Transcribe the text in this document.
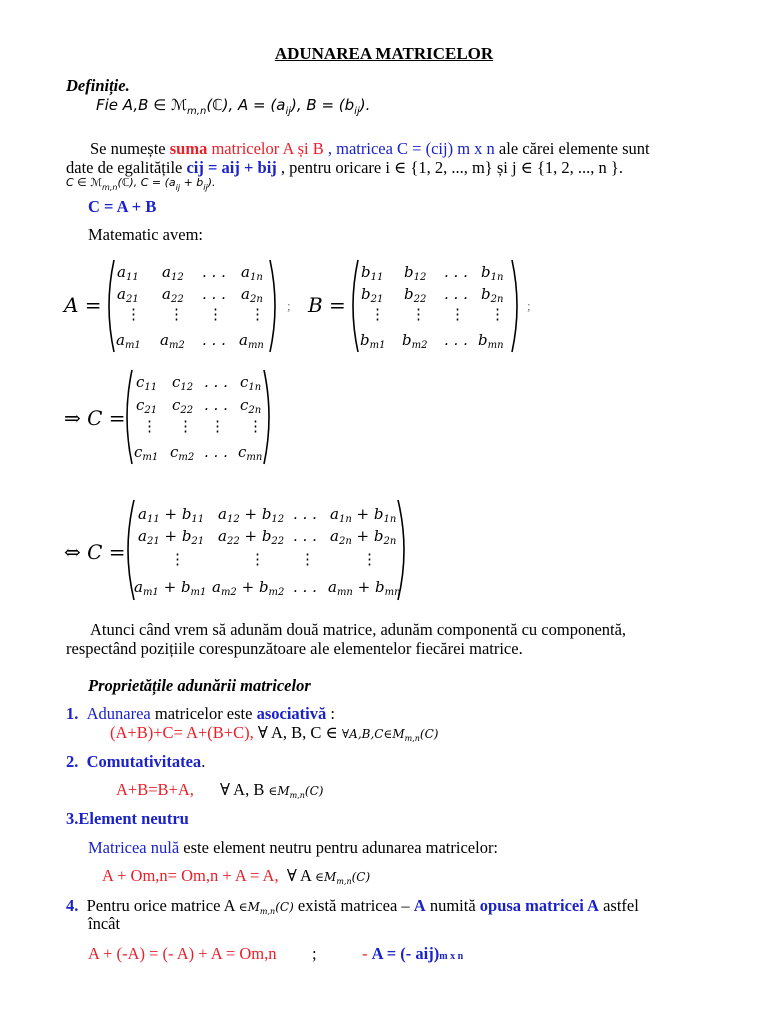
ADUNAREA MATRICELOR
Definiție.
Fie A,B ∈ ℳ$_{m,n}$(ℂ), $A = (a_{ij})$, $B = (b_{ij})$.
Se numește suma matricelor A și B , matricea C = (cij) m x n ale cărei elemente sunt
date de egalitățile cij = aij + bij , pentru oricare i ∈ {1, 2, ..., m} și j ∈ {1, 2, ..., n }.
C ∈ ℳ$_{m,n}$(ℂ), $C = (a_{ij} + b_{ij})$.
C = A + B
Matematic avem:
A =
$a_{11}$ $a_{12}$ . . . $a_{1n}$
$a_{21}$ $a_{22}$ . . . $a_{2n}$
⋮ ⋮ ⋮ ⋮
$a_{m1}$ $a_{m2}$ . . . $a_{mn}$
; B =
$b_{11}$ $b_{12}$ . . . $b_{1n}$
$b_{21}$ $b_{22}$ . . . $b_{2n}$
⋮ ⋮ ⋮ ⋮
$b_{m1}$ $b_{m2}$ . . . $b_{mn}$
;
⇒ C =
$c_{11}$ $c_{12}$ . . . $c_{1n}$
$c_{21}$ $c_{22}$ . . . $c_{2n}$
⋮ ⋮ ⋮ ⋮
$c_{m1}$ $c_{m2}$ . . . $c_{mn}$
⇔ C =
$a_{11} + b_{11}$ $a_{12} + b_{12}$ . . . $a_{1n} + b_{1n}$
$a_{21} + b_{21}$ $a_{22} + b_{22}$ . . . $a_{2n} + b_{2n}$
⋮	⋮ ⋮	⋮
$a_{m1} + b_{m1}$ $a_{m2} + b_{m2}$ . . . $a_{mn} + b_{mn}$
Atunci când vrem să adunăm două matrice, adunăm componentă cu componentă,
respectând pozițiile corespunzătoare ale elementelor fiecărei matrice.
Proprietățile adunării matricelor
1. Adunarea matricelor este asociativă :
(A+B)+C= A+(B+C), ∀ A, B, C ∈ ∀A,B,C∈Mm,n(C)
2. Comutativitatea.
A+B=B+A, ∀ A, B ∈Mm,n(C)
3.Element neutru
Matricea nulă este element neutru pentru adunarea matricelor:
A + Om,n= Om,n + A = A, ∀ A ∈Mm,n(C)
4. Pentru orice matrice A ∈Mm,n(C) există matricea – A numită opusa matricei A astfel
încât
A + (-A) = (- A) + A = Om,n ;	- A = (- aij)m x n
